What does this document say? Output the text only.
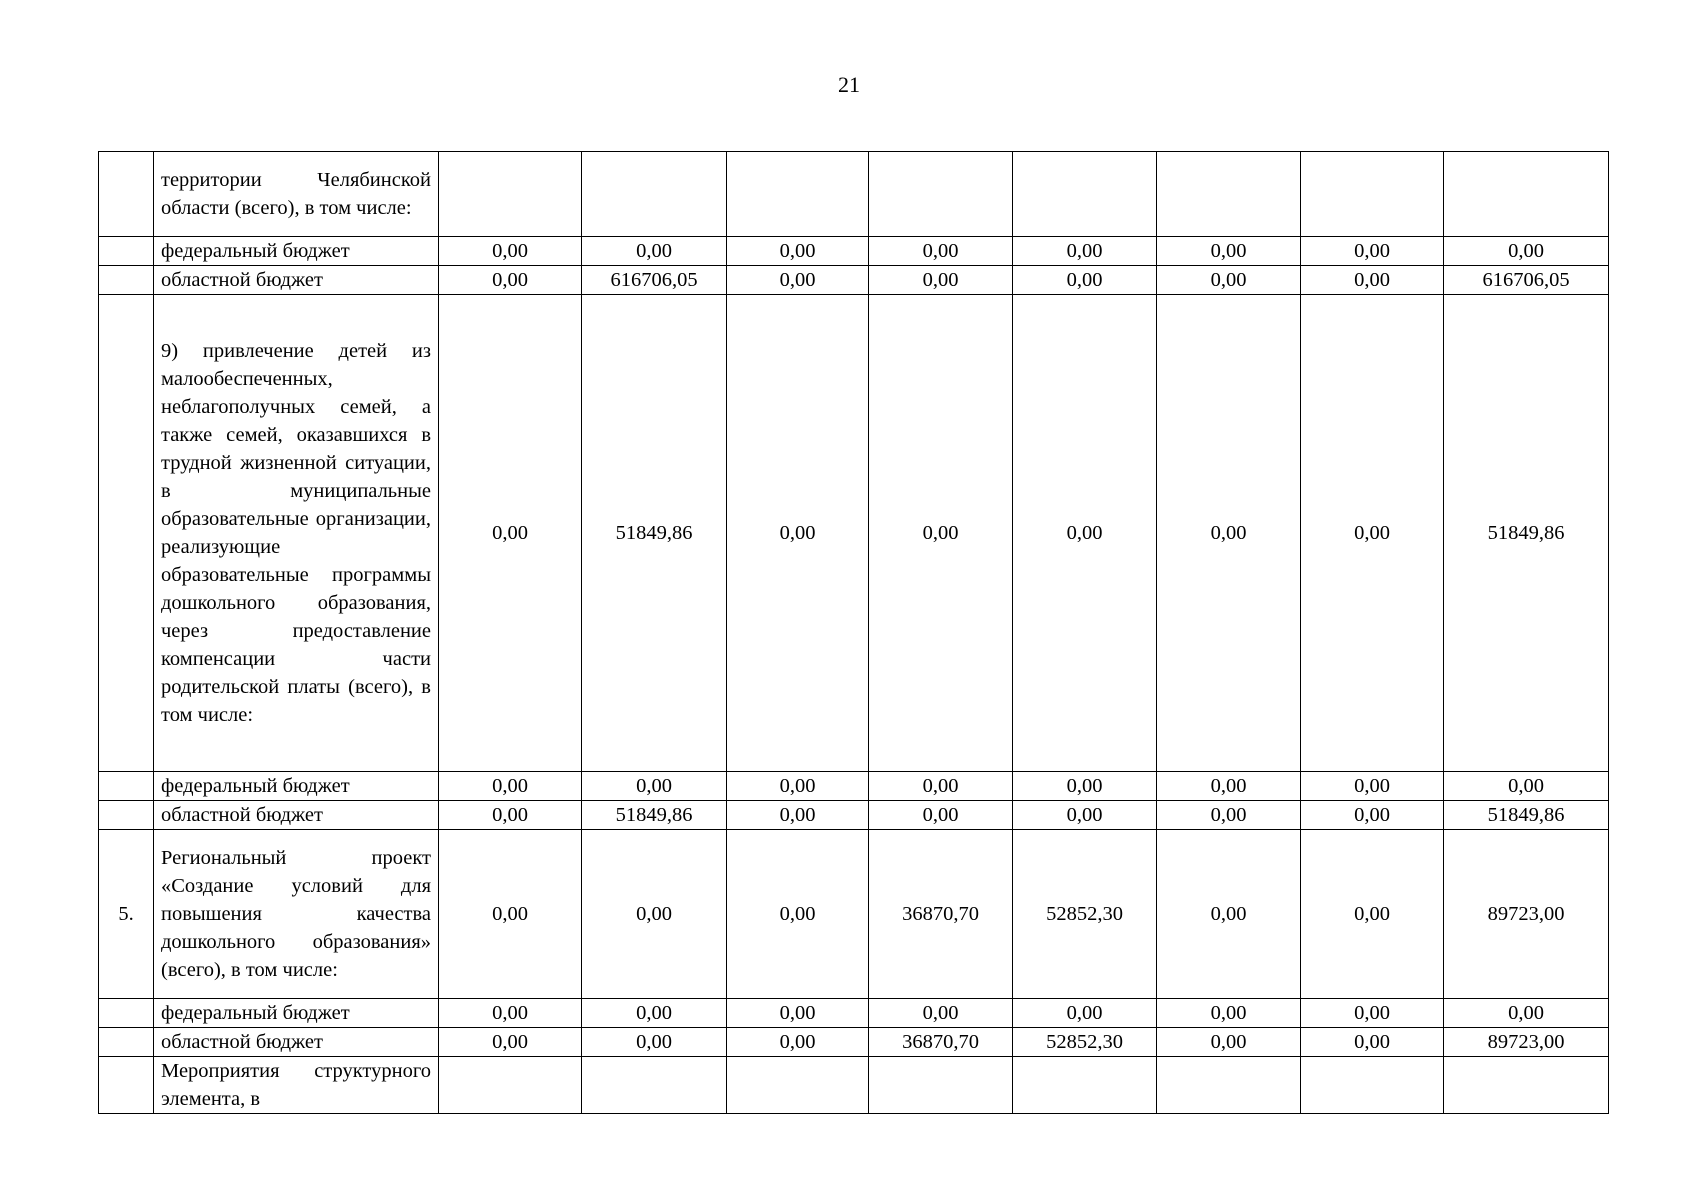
21
	территории Челябинской области (всего), в том числе:								
	федеральный бюджет	0,00	0,00	0,00	0,00	0,00	0,00	0,00	0,00
	областной бюджет	0,00	616706,05	0,00	0,00	0,00	0,00	0,00	616706,05
	9) привлечение детей из малообеспеченных, неблагополучных семей, а также семей, оказавшихся в трудной жизненной ситуации, в муниципальные образовательные организации, реализующие образовательные программы дошкольного образования, через предоставление компенсации части родительской платы (всего), в том числе:	0,00	51849,86	0,00	0,00	0,00	0,00	0,00	51849,86
	федеральный бюджет	0,00	0,00	0,00	0,00	0,00	0,00	0,00	0,00
	областной бюджет	0,00	51849,86	0,00	0,00	0,00	0,00	0,00	51849,86
5.	Региональный проект «Создание условий для повышения качества дошкольного образования» (всего), в том числе:	0,00	0,00	0,00	36870,70	52852,30	0,00	0,00	89723,00
	федеральный бюджет	0,00	0,00	0,00	0,00	0,00	0,00	0,00	0,00
	областной бюджет	0,00	0,00	0,00	36870,70	52852,30	0,00	0,00	89723,00
	Мероприятия структурного элемента, в								
